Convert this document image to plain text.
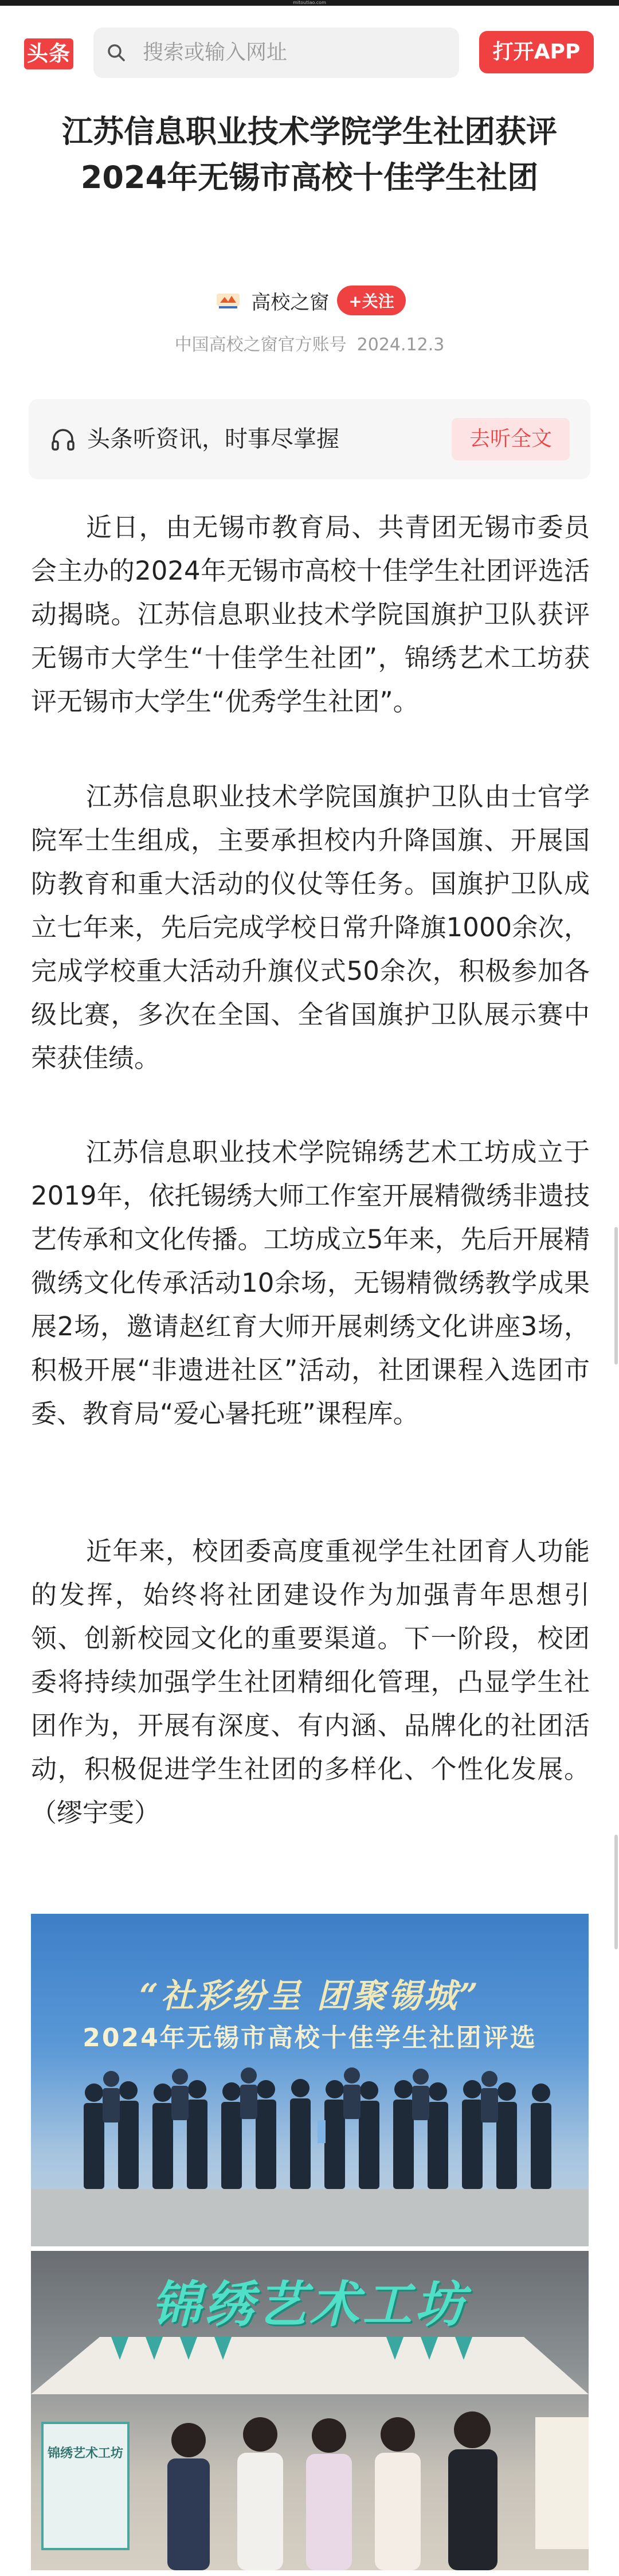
mitoutiao.com
头条	搜索或输入网址	打开APP
江苏信息职业技术学院学生社团获评2024年无锡市高校十佳学生社团
高校之窗	+关注
中国高校之窗官方账号 2024.12.3
头条听资讯，时事尽掌握	去听全文

近日，由无锡市教育局、共青团无锡市委员会主办的2024年无锡市高校十佳学生社团评选活动揭晓。江苏信息职业技术学院国旗护卫队获评无锡市大学生“十佳学生社团”，锦绣艺术工坊获评无锡市大学生“优秀学生社团”。

江苏信息职业技术学院国旗护卫队由士官学院军士生组成，主要承担校内升降国旗、开展国防教育和重大活动的仪仗等任务。国旗护卫队成立七年来，先后完成学校日常升降旗1000余次，完成学校重大活动升旗仪式50余次，积极参加各级比赛，多次在全国、全省国旗护卫队展示赛中荣获佳绩。

江苏信息职业技术学院锦绣艺术工坊成立于2019年，依托锡绣大师工作室开展精微绣非遗技艺传承和文化传播。工坊成立5年来，先后开展精微绣文化传承活动10余场，无锡精微绣教学成果展2场，邀请赵红育大师开展刺绣文化讲座3场，积极开展“非遗进社区”活动，社团课程入选团市委、教育局“爱心暑托班”课程库。

近年来，校团委高度重视学生社团育人功能的发挥，始终将社团建设作为加强青年思想引领、创新校园文化的重要渠道。下一阶段，校团委将持续加强学生社团精细化管理，凸显学生社团作为，开展有深度、有内涵、品牌化的社团活动，积极促进学生社团的多样化、个性化发展。（缪宇雯）

“社彩纷呈 团聚锡城”
2024年无锡市高校十佳学生社团评选
锦绣艺术工坊
锦绣艺术工坊
